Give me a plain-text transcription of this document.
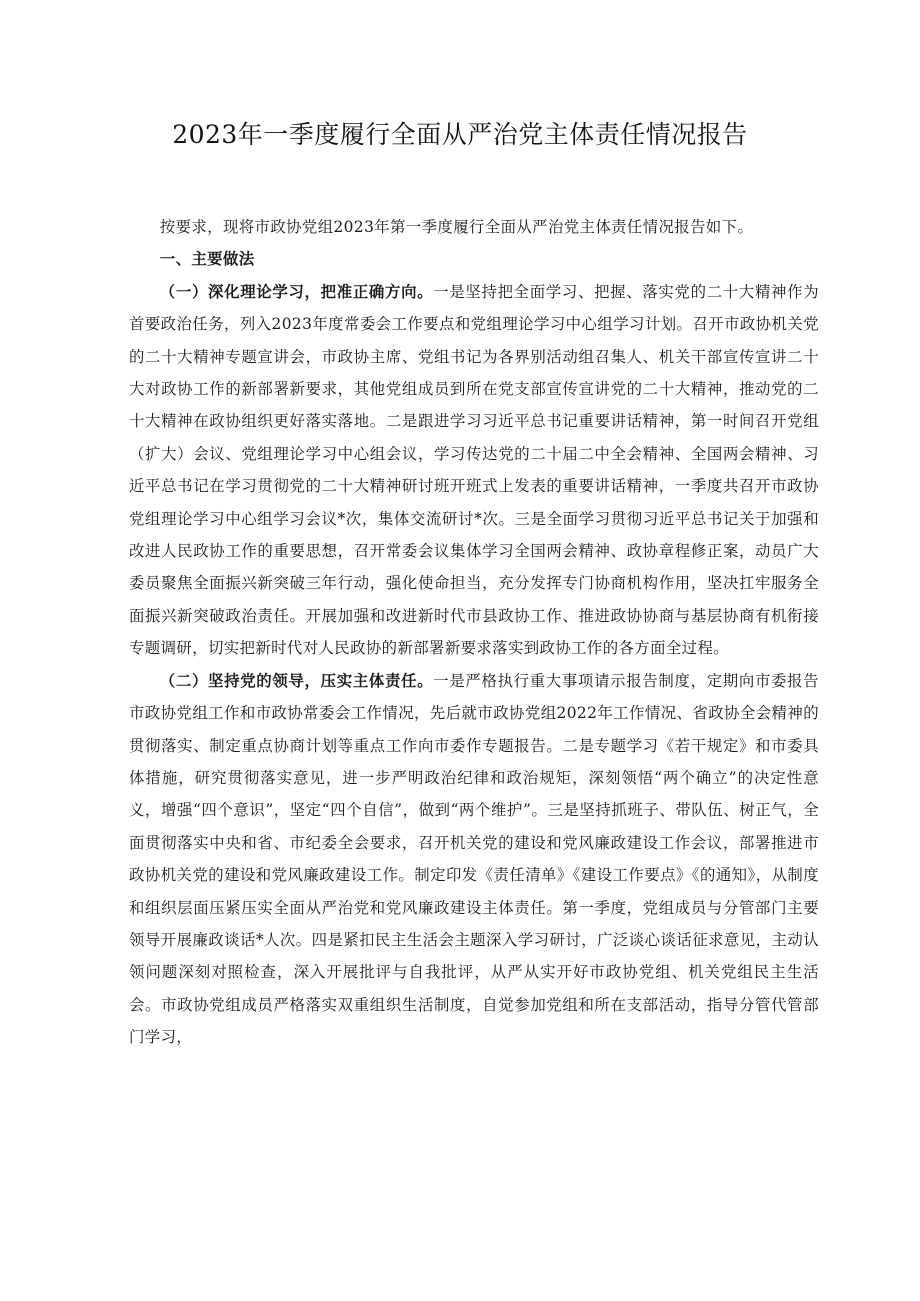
2023年一季度履行全面从严治党主体责任情况报告

按要求，现将市政协党组2023年第一季度履行全面从严治党主体责任情况报告如下。

一、主要做法

（一）深化理论学习，把准正确方向。一是坚持把全面学习、把握、落实党的二十大精神作为首要政治任务，列入2023年度常委会工作要点和党组理论学习中心组学习计划。召开市政协机关党的二十大精神专题宣讲会，市政协主席、党组书记为各界别活动组召集人、机关干部宣传宣讲二十大对政协工作的新部署新要求，其他党组成员到所在党支部宣传宣讲党的二十大精神，推动党的二十大精神在政协组织更好落实落地。二是跟进学习习近平总书记重要讲话精神，第一时间召开党组（扩大）会议、党组理论学习中心组会议，学习传达党的二十届二中全会精神、全国两会精神、习近平总书记在学习贯彻党的二十大精神研讨班开班式上发表的重要讲话精神，一季度共召开市政协党组理论学习中心组学习会议*次，集体交流研讨*次。三是全面学习贯彻习近平总书记关于加强和改进人民政协工作的重要思想，召开常委会议集体学习全国两会精神、政协章程修正案，动员广大委员聚焦全面振兴新突破三年行动，强化使命担当，充分发挥专门协商机构作用，坚决扛牢服务全面振兴新突破政治责任。开展加强和改进新时代市县政协工作、推进政协协商与基层协商有机衔接专题调研，切实把新时代对人民政协的新部署新要求落实到政协工作的各方面全过程。

（二）坚持党的领导，压实主体责任。一是严格执行重大事项请示报告制度，定期向市委报告市政协党组工作和市政协常委会工作情况，先后就市政协党组2022年工作情况、省政协全会精神的贯彻落实、制定重点协商计划等重点工作向市委作专题报告。二是专题学习《若干规定》和市委具体措施，研究贯彻落实意见，进一步严明政治纪律和政治规矩，深刻领悟“两个确立”的决定性意义，增强“四个意识”，坚定“四个自信”，做到“两个维护”。三是坚持抓班子、带队伍、树正气，全面贯彻落实中央和省、市纪委全会要求，召开机关党的建设和党风廉政建设工作会议，部署推进市政协机关党的建设和党风廉政建设工作。制定印发《责任清单》《建设工作要点》《的通知》，从制度和组织层面压紧压实全面从严治党和党风廉政建设主体责任。第一季度，党组成员与分管部门主要领导开展廉政谈话*人次。四是紧扣民主生活会主题深入学习研讨，广泛谈心谈话征求意见，主动认领问题深刻对照检查，深入开展批评与自我批评，从严从实开好市政协党组、机关党组民主生活会。市政协党组成员严格落实双重组织生活制度，自觉参加党组和所在支部活动，指导分管代管部门学习，
